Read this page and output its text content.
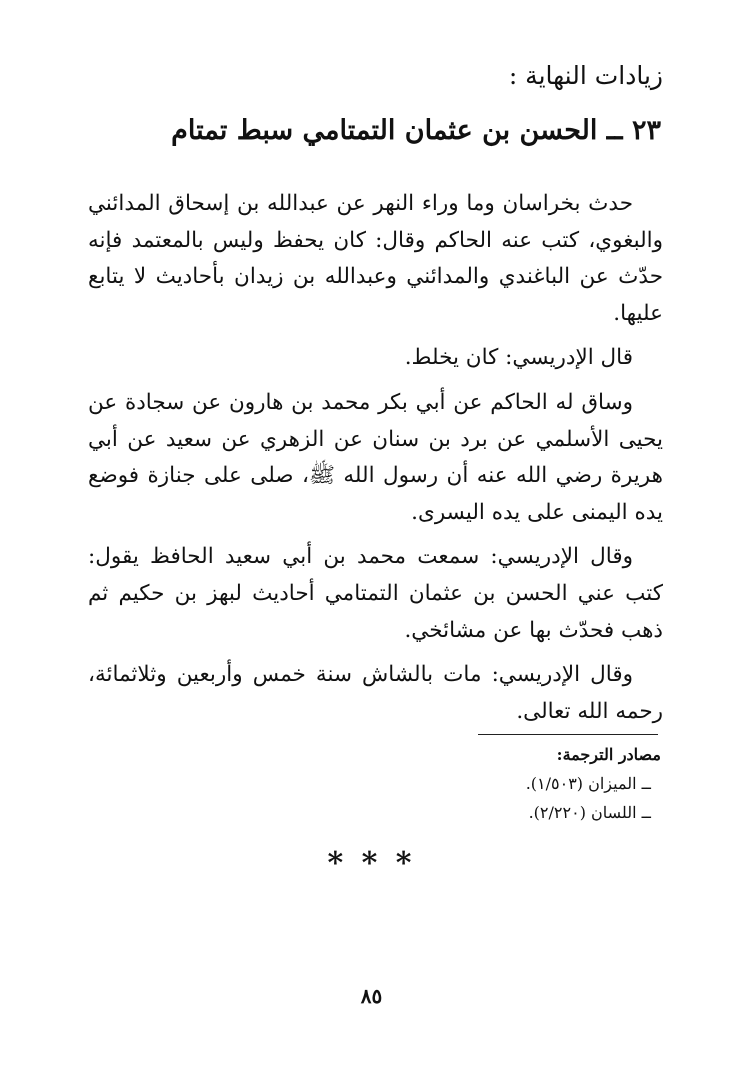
زيادات النهاية :
٢٣ ــ الحسن بن عثمان التمتامي سبط تمتام

حدث بخراسان وما وراء النهر عن عبدالله بن إسحاق المدائني والبغوي، كتب عنه الحاكم وقال: كان يحفظ وليس بالمعتمد فإنه حدّث عن الباغندي والمدائني وعبدالله بن زيدان بأحاديث لا يتابع عليها.

قال الإدريسي: كان يخلط.

وساق له الحاكم عن أبي بكر محمد بن هارون عن سجادة عن يحيى الأسلمي عن برد بن سنان عن الزهري عن سعيد عن أبي هريرة رضي الله عنه أن رسول الله ﷺ، صلى على جنازة فوضع يده اليمنى على يده اليسرى.

وقال الإدريسي: سمعت محمد بن أبي سعيد الحافظ يقول: كتب عني الحسن بن عثمان التمتامي أحاديث لبهز بن حكيم ثم ذهب فحدّث بها عن مشائخي.

وقال الإدريسي: مات بالشاش سنة خمس وأربعين وثلاثمائة، رحمه الله تعالى.

مصادر الترجمة:

ــ الميزان (١/٥٠٣).
ــ اللسان (٢/٢٢٠).
* * *
٨٥
